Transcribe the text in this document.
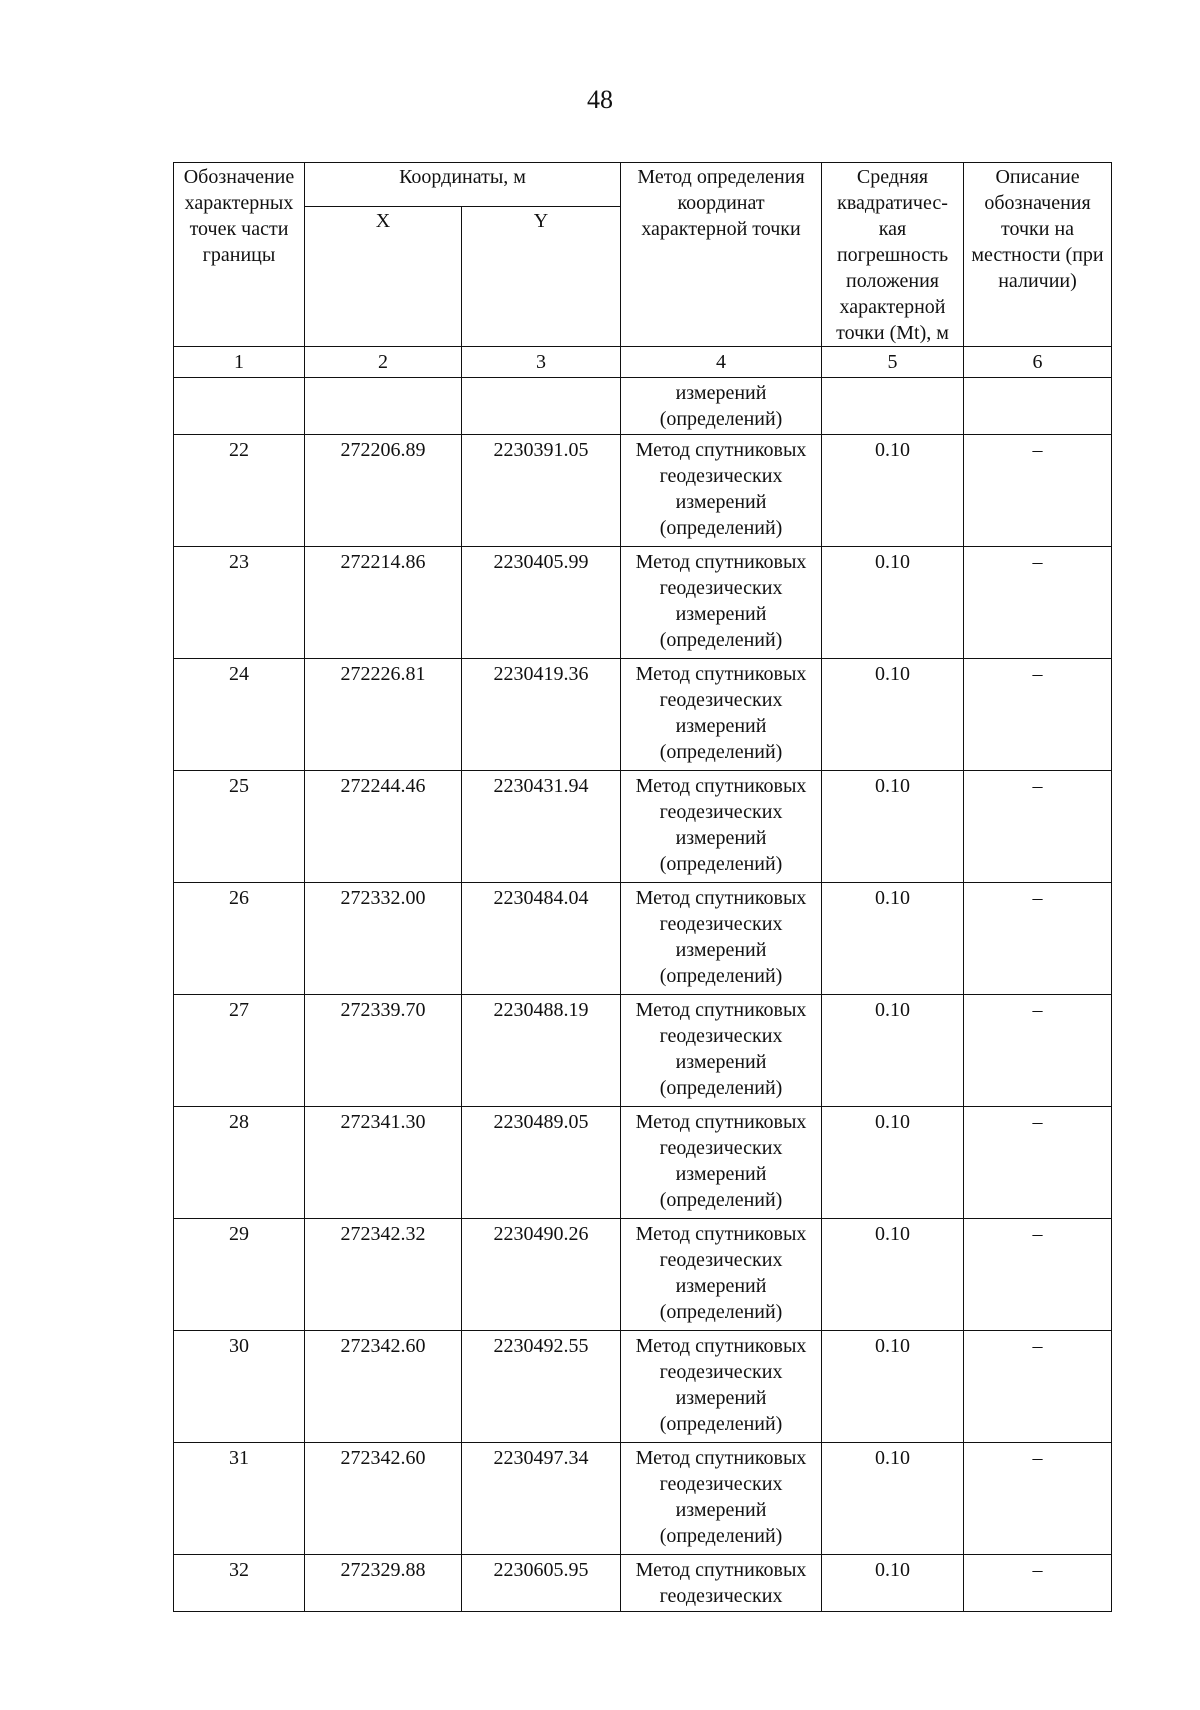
48
Обозначение характерных точек части границы	Координаты, м		Метод определения координат характерной точки	Средняя квадратичес-кая погрешность положения характерной точки (Mt), м	Описание обозначения точки на местности (при наличии)

	X	Y			

1	2	3	4	5	6
			измерений (определений)		
22	272206.89	2230391.05	Метод спутниковых геодезических измерений (определений)	0.10	–
23	272214.86	2230405.99	Метод спутниковых геодезических измерений (определений)	0.10	–
24	272226.81	2230419.36	Метод спутниковых геодезических измерений (определений)	0.10	–
25	272244.46	2230431.94	Метод спутниковых геодезических измерений (определений)	0.10	–
26	272332.00	2230484.04	Метод спутниковых геодезических измерений (определений)	0.10	–
27	272339.70	2230488.19	Метод спутниковых геодезических измерений (определений)	0.10	–
28	272341.30	2230489.05	Метод спутниковых геодезических измерений (определений)	0.10	–
29	272342.32	2230490.26	Метод спутниковых геодезических измерений (определений)	0.10	–
30	272342.60	2230492.55	Метод спутниковых геодезических измерений (определений)	0.10	–
31	272342.60	2230497.34	Метод спутниковых геодезических измерений (определений)	0.10	–
32	272329.88	2230605.95	Метод спутниковых геодезических	0.10	–
